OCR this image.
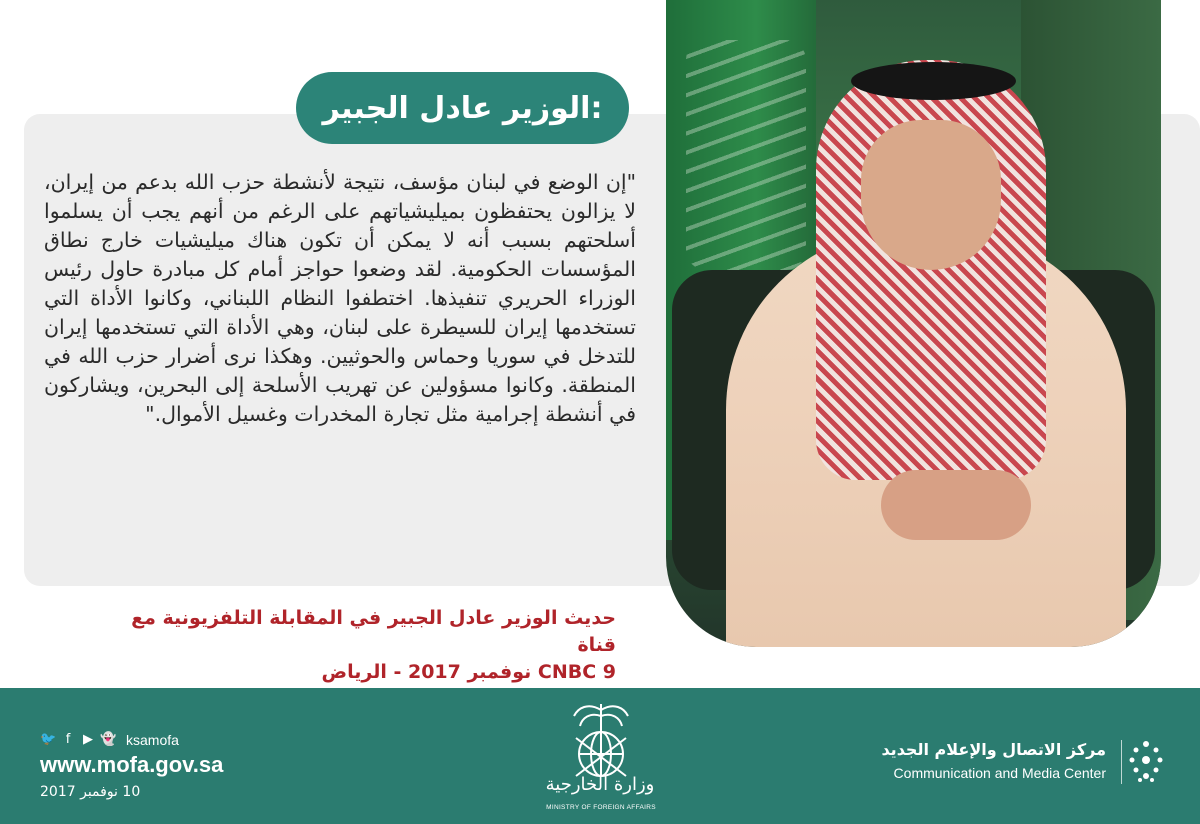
الوزير عادل الجبير:

"إن الوضع في لبنان مؤسف، نتيجة لأنشطة حزب الله بدعم من إيران، لا يزالون يحتفظون بميليشياتهم على الرغم من أنهم يجب أن يسلموا أسلحتهم بسبب أنه لا يمكن أن تكون هناك ميليشيات خارج نطاق المؤسسات الحكومية. لقد وضعوا حواجز أمام كل مبادرة حاول رئيس الوزراء الحريري تنفيذها. اختطفوا النظام اللبناني، وكانوا الأداة التي تستخدمها إيران للسيطرة على لبنان، وهي الأداة التي تستخدمها إيران للتدخل في سوريا وحماس والحوثيين. وهكذا نرى أضرار حزب الله في المنطقة. وكانوا مسؤولين عن تهريب الأسلحة إلى البحرين، ويشاركون في أنشطة إجرامية مثل تجارة المخدرات وغسيل الأموال."

حديث الوزير عادل الجبير في المقابلة التلفزيونية مع قناة
CNBC 9 نوفمبر 2017 - الرياض
🐦 f ▶ 👻 ksamofa
www.mofa.gov.sa
10 نوفمبر 2017	وزارة الخارجية
MINISTRY OF FOREIGN AFFAIRS
مركز الاتصال والإعلام الجديد
Communication and Media Center
